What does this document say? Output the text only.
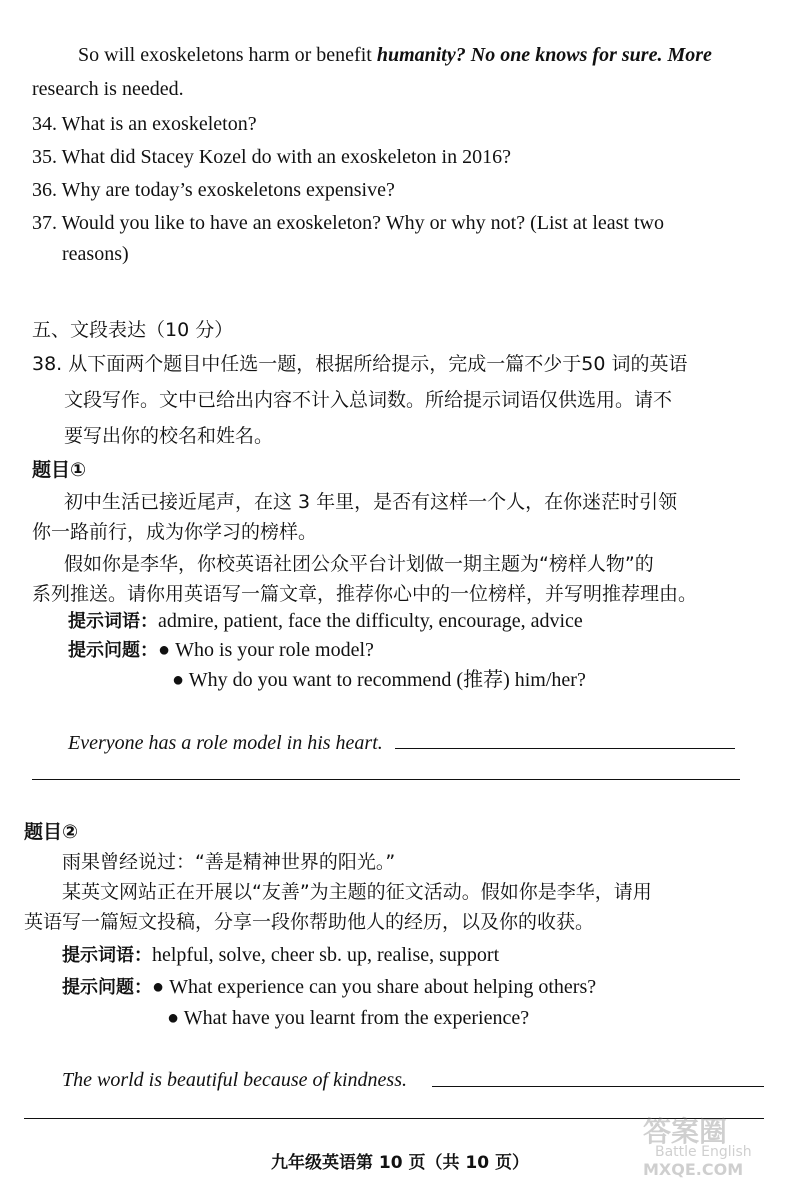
So will exoskeletons harm or benefit humanity? No one knows for sure. More
research is needed.
34. What is an exoskeleton?
35. What did Stacey Kozel do with an exoskeleton in 2016?
36. Why are today’s exoskeletons expensive?
37. Would you like to have an exoskeleton? Why or why not? (List at least two
reasons)
五、文段表达（10 分）
38. 从下面两个题目中任选一题，根据所给提示，完成一篇不少于50 词的英语
文段写作。文中已给出内容不计入总词数。所给提示词语仅供选用。请不
要写出你的校名和姓名。
题目①
初中生活已接近尾声，在这 3 年里，是否有这样一个人，在你迷茫时引领
你一路前行，成为你学习的榜样。
假如你是李华，你校英语社团公众平台计划做一期主题为“榜样人物”的
系列推送。请你用英语写一篇文章，推荐你心中的一位榜样，并写明推荐理由。
提示词语：admire, patient, face the difficulty, encourage, advice
提示问题：● Who is your role model?
● Why do you want to recommend (推荐) him/her?
Everyone has a role model in his heart.
题目②
雨果曾经说过：“善是精神世界的阳光。”
某英文网站正在开展以“友善”为主题的征文活动。假如你是李华，请用
英语写一篇短文投稿，分享一段你帮助他人的经历，以及你的收获。
提示词语：helpful, solve, cheer sb. up, realise, support
提示问题：● What experience can you share about helping others?
● What have you learnt from the experience?
The world is beautiful because of kindness.
九年级英语第 10 页（共 10 页）
答案圈
Battle English
MXQE.COM
